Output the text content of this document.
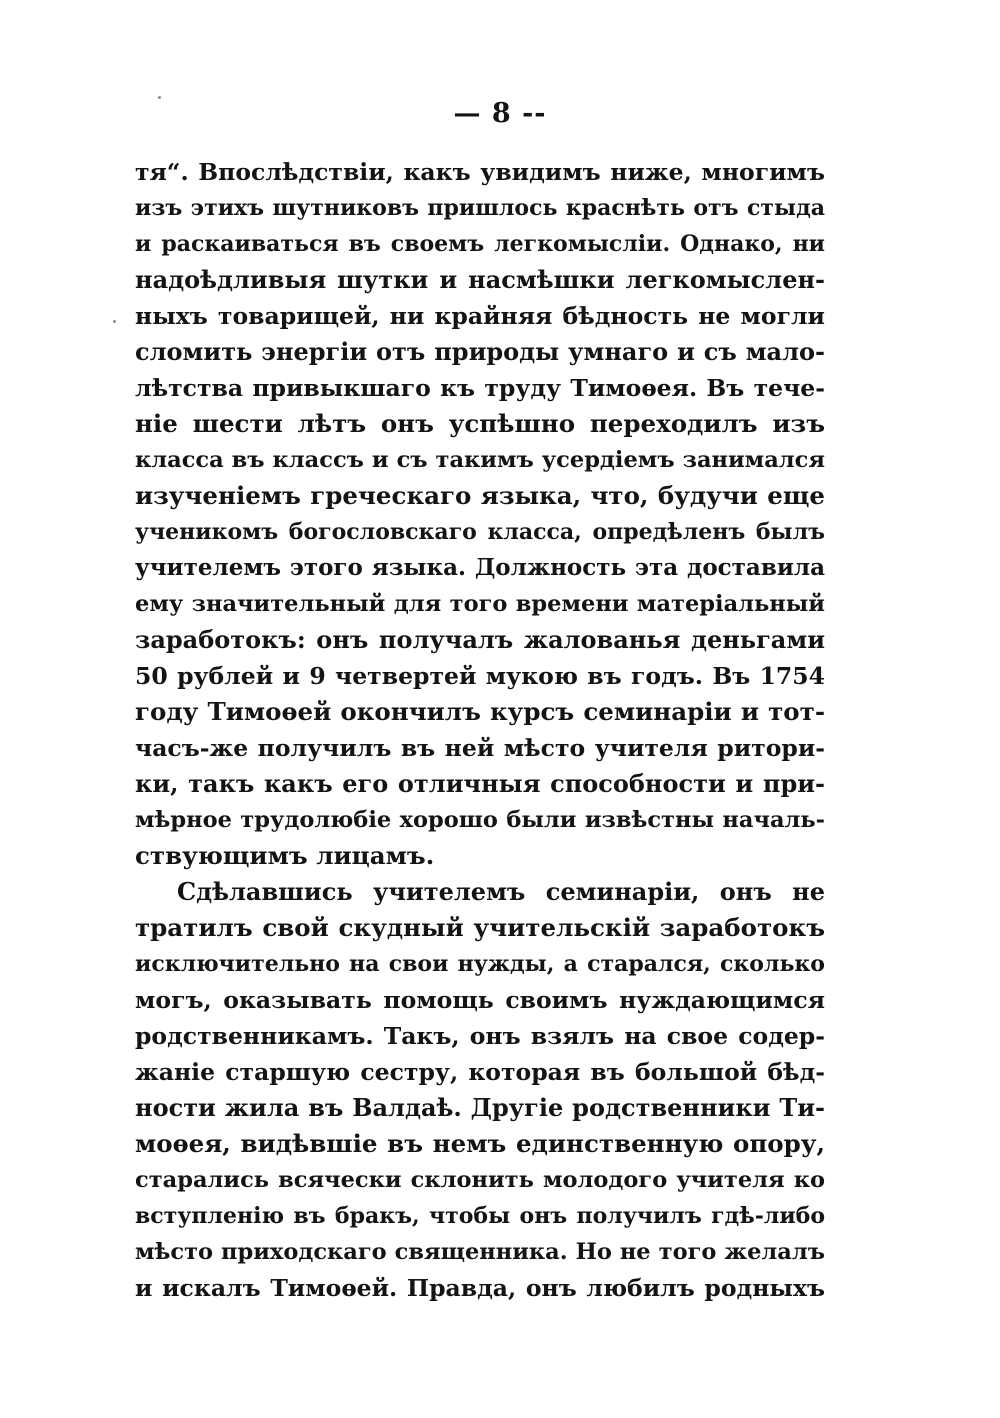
— 8 --
тя“. Впослѣдствіи, какъ увидимъ ниже, многимъ
изъ этихъ шутниковъ пришлось краснѣть отъ стыда
и раскаиваться въ своемъ легкомысліи. Однако, ни
надоѣдливыя шутки и насмѣшки легкомыслен-
ныхъ товарищей, ни крайняя бѣдность не могли
сломить энергіи отъ природы умнаго и съ мало-
лѣтства привыкшаго къ труду Тимоѳея. Въ тече-
ніе шести лѣтъ онъ успѣшно переходилъ изъ
класса въ классъ и съ такимъ усердіемъ занимался
изученіемъ греческаго языка, что, будучи еще
ученикомъ богословскаго класса, опредѣленъ былъ
учителемъ этого языка. Должность эта доставила
ему значительный для того времени матеріальный
заработокъ: онъ получалъ жалованья деньгами
50 рублей и 9 четвертей мукою въ годъ. Въ 1754
году Тимоѳей окончилъ курсъ семинаріи и тот-
часъ-же получилъ въ ней мѣсто учителя ритори-
ки, такъ какъ его отличныя способности и при-
мѣрное трудолюбіе хорошо были извѣстны началь-
ствующимъ лицамъ.
Сдѣлавшись учителемъ семинаріи, онъ не
тратилъ свой скудный учительскій заработокъ
исключительно на свои нужды, а старался, сколько
могъ, оказывать помощь своимъ нуждающимся
родственникамъ. Такъ, онъ взялъ на свое содер-
жаніе старшую сестру, которая въ большой бѣд-
ности жила въ Валдаѣ. Другіе родственники Ти-
моѳея, видѣвшіе въ немъ единственную опору,
старались всячески склонить молодого учителя ко
вступленію въ бракъ, чтобы онъ получилъ гдѣ-либо
мѣсто приходскаго священника. Но не того желалъ
и искалъ Тимоѳей. Правда, онъ любилъ родныхъ
